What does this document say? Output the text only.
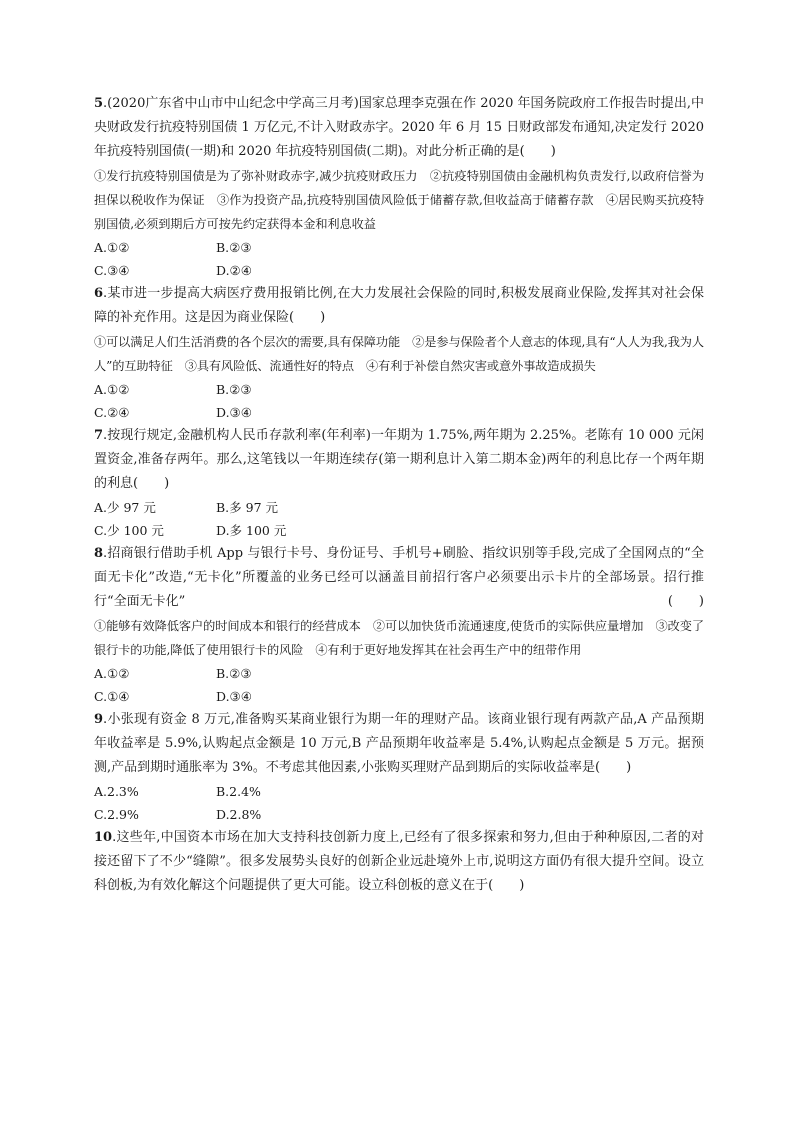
5.(2020广东省中山市中山纪念中学高三月考)国家总理李克强在作 2020 年国务院政府工作报告时提出,中央财政发行抗疫特别国债 1 万亿元,不计入财政赤字。2020 年 6 月 15 日财政部发布通知,决定发行 2020 年抗疫特别国债(一期)和 2020 年抗疫特别国债(二期)。对此分析正确的是(　　)

①发行抗疫特别国债是为了弥补财政赤字,减少抗疫财政压力　②抗疫特别国债由金融机构负责发行,以政府信誉为担保以税收作为保证　③作为投资产品,抗疫特别国债风险低于储蓄存款,但收益高于储蓄存款　④居民购买抗疫特别国债,必须到期后方可按先约定获得本金和利息收益

A.①②	B.②③
C.③④	D.②④

6.某市进一步提高大病医疗费用报销比例,在大力发展社会保险的同时,积极发展商业保险,发挥其对社会保障的补充作用。这是因为商业保险(　　)

①可以满足人们生活消费的各个层次的需要,具有保障功能　②是参与保险者个人意志的体现,具有“人人为我,我为人人”的互助特征　③具有风险低、流通性好的特点　④有利于补偿自然灾害或意外事故造成损失

A.①②	B.②③
C.②④	D.③④

7.按现行规定,金融机构人民币存款利率(年利率)一年期为 1.75%,两年期为 2.25%。老陈有 10 000 元闲置资金,准备存两年。那么,这笔钱以一年期连续存(第一期利息计入第二期本金)两年的利息比存一个两年期的利息(　　)

A.少 97 元	B.多 97 元
C.少 100 元	D.多 100 元

8.招商银行借助手机 App 与银行卡号、身份证号、手机号+刷脸、指纹识别等手段,完成了全国网点的“全面无卡化”改造,“无卡化”所覆盖的业务已经可以涵盖目前招行客户必须要出示卡片的全部场景。招行推行“全面无卡化”	(　　)

①能够有效降低客户的时间成本和银行的经营成本　②可以加快货币流通速度,使货币的实际供应量增加　③改变了银行卡的功能,降低了使用银行卡的风险　④有利于更好地发挥其在社会再生产中的纽带作用

A.①②	B.②③
C.①④	D.③④

9.小张现有资金 8 万元,准备购买某商业银行为期一年的理财产品。该商业银行现有两款产品,A 产品预期年收益率是 5.9%,认购起点金额是 10 万元,B 产品预期年收益率是 5.4%,认购起点金额是 5 万元。据预测,产品到期时通胀率为 3%。不考虑其他因素,小张购买理财产品到期后的实际收益率是(　　)

A.2.3%	B.2.4%
C.2.9%	D.2.8%

10.这些年,中国资本市场在加大支持科技创新力度上,已经有了很多探索和努力,但由于种种原因,二者的对接还留下了不少“缝隙”。很多发展势头良好的创新企业远赴境外上市,说明这方面仍有很大提升空间。设立科创板,为有效化解这个问题提供了更大可能。设立科创板的意义在于(　　)
